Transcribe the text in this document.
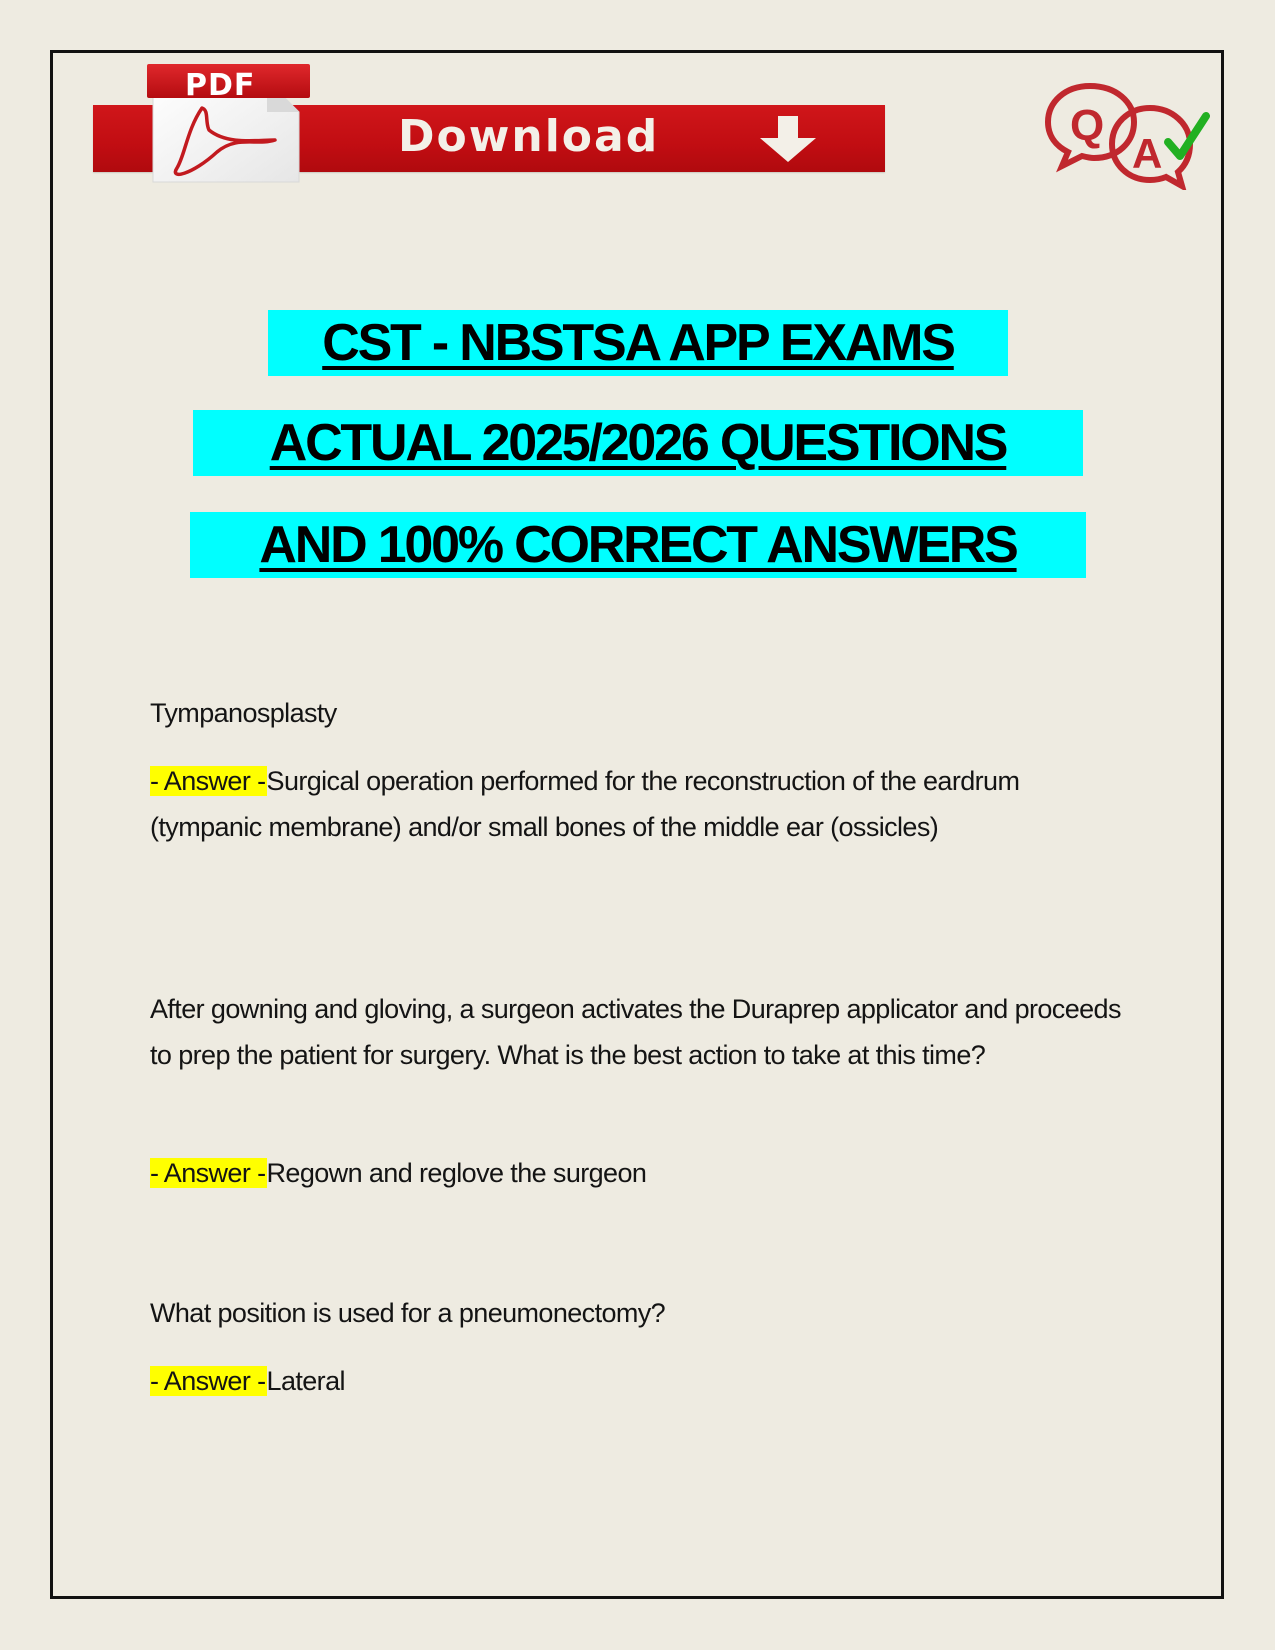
PDF
Download	Q
A
CST - NBSTSA APP EXAMS
ACTUAL 2025/2026 QUESTIONS
AND 100% CORRECT ANSWERS
Tympanosplasty
- Answer -Surgical operation performed for the reconstruction of the eardrum (tympanic membrane) and/or small bones of the middle ear (ossicles)
After gowning and gloving, a surgeon activates the Duraprep applicator and proceeds to prep the patient for surgery. What is the best action to take at this time?
- Answer -Regown and reglove the surgeon
What position is used for a pneumonectomy?
- Answer -Lateral
